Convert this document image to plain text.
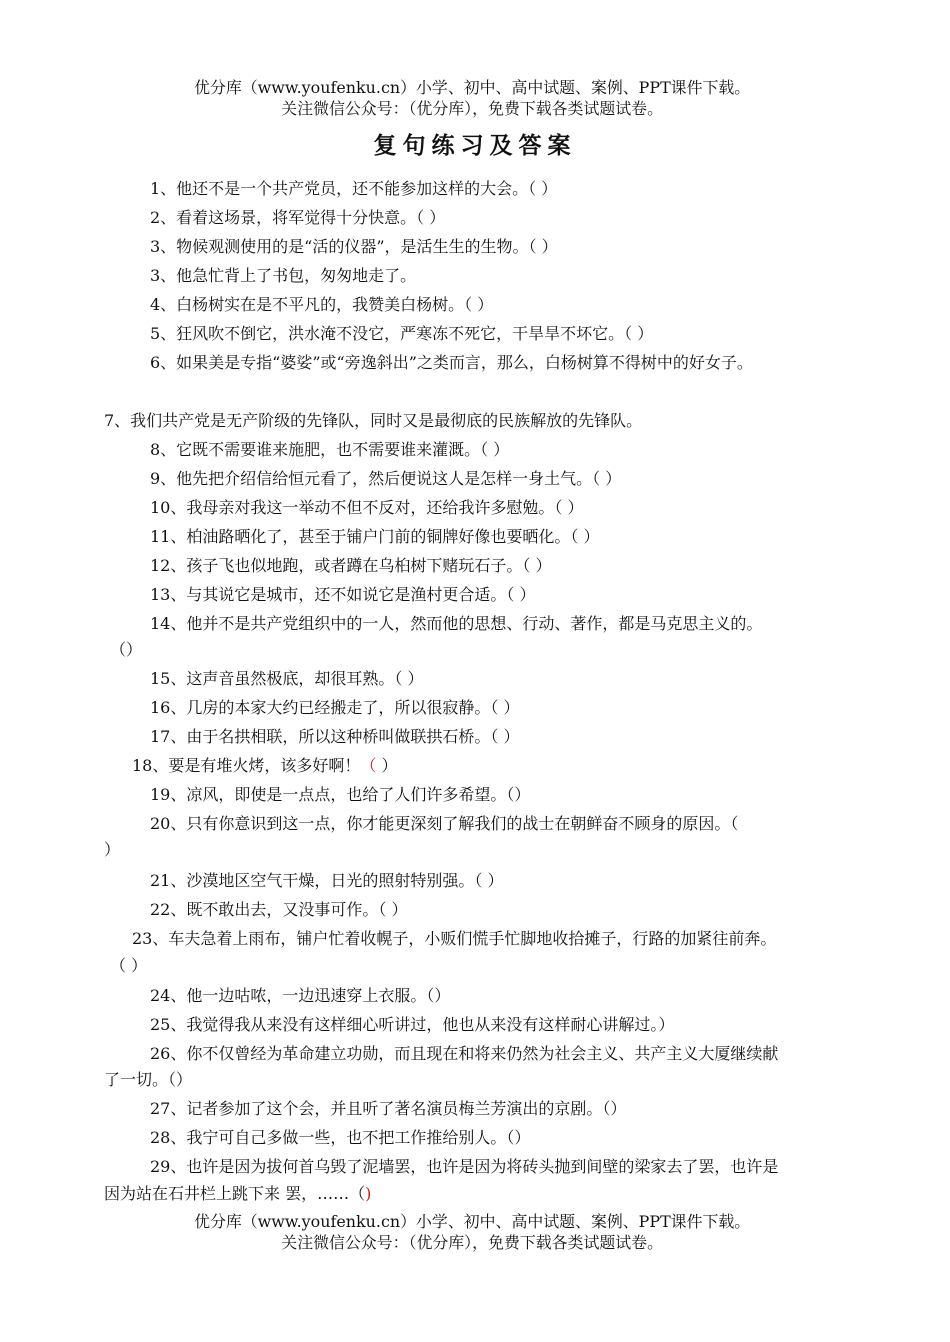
优分库（www.youfenku.cn）小学、初中、高中试题、案例、PPT课件下载。
关注微信公众号：（优分库），免费下载各类试题试卷。
复句练习及答案
1、他还不是一个共产党员，还不能参加这样的大会。（ ）
2、看着这场景，将军觉得十分快意。（ ）
3、物候观测使用的是“活的仪器”，是活生生的生物。（ ）
3、他急忙背上了书包，匆匆地走了。
4、白杨树实在是不平凡的，我赞美白杨树。（ ）
5、狂风吹不倒它，洪水淹不没它，严寒冻不死它，干旱旱不坏它。（ ）
6、如果美是专指“婆娑”或“旁逸斜出”之类而言，那么，白杨树算不得树中的好女子。
7、我们共产党是无产阶级的先锋队，同时又是最彻底的民族解放的先锋队。
8、它既不需要谁来施肥，也不需要谁来灌溉。（ ）
9、他先把介绍信给恒元看了，然后便说这人是怎样一身土气。（ ）
10、我母亲对我这一举动不但不反对，还给我许多慰勉。（ ）
11、柏油路晒化了，甚至于铺户门前的铜牌好像也要晒化。（ ）
12、孩子飞也似地跑，或者蹲在乌桕树下赌玩石子。（ ）
13、与其说它是城市，还不如说它是渔村更合适。（ ）
14、他并不是共产党组织中的一人，然而他的思想、行动、著作，都是马克思主义的。
（）
15、这声音虽然极底，却很耳熟。（ ）
16、几房的本家大约已经搬走了，所以很寂静。（ ）
17、由于名拱相联，所以这种桥叫做联拱石桥。（ ）
18、要是有堆火烤，该多好啊！（ ）
19、凉风，即使是一点点，也给了人们许多希望。（）
20、只有你意识到这一点，你才能更深刻了解我们的战士在朝鲜奋不顾身的原因。（
）
21、沙漠地区空气干燥，日光的照射特别强。（ ）
22、既不敢出去，又没事可作。（ ）
23、车夫急着上雨布，铺户忙着收幌子，小贩们慌手忙脚地收拾摊子，行路的加紧往前奔。
（ ）
24、他一边咕哝，一边迅速穿上衣服。（）
25、我觉得我从来没有这样细心听讲过，他也从来没有这样耐心讲解过。）
26、你不仅曾经为革命建立功勋，而且现在和将来仍然为社会主义、共产主义大厦继续献
了一切。（）
27、记者参加了这个会，并且听了著名演员梅兰芳演出的京剧。（）
28、我宁可自己多做一些，也不把工作推给别人。（）
29、也许是因为拔何首乌毁了泥墙罢，也许是因为将砖头抛到间壁的梁家去了罢，也许是
因为站在石井栏上跳下来 罢，……（)
优分库（www.youfenku.cn）小学、初中、高中试题、案例、PPT课件下载。
关注微信公众号：（优分库），免费下载各类试题试卷。
